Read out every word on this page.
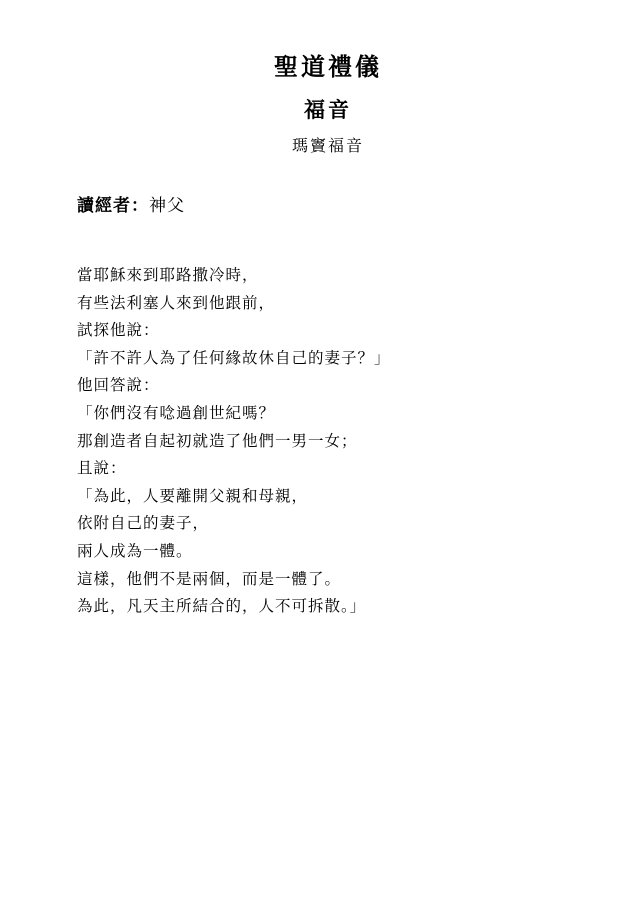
聖道禮儀
福音
瑪竇福音
讀經者：神父
當耶穌來到耶路撒冷時，
有些法利塞人來到他跟前，
試探他說：
「許不許人為了任何緣故休自己的妻子？」
他回答說：
「你們沒有唸過創世紀嗎？
那創造者自起初就造了他們一男一女；
且說：
「為此，人要離開父親和母親，
依附自己的妻子，
兩人成為一體。
這樣，他們不是兩個，而是一體了。
為此，凡天主所結合的，人不可拆散。」
